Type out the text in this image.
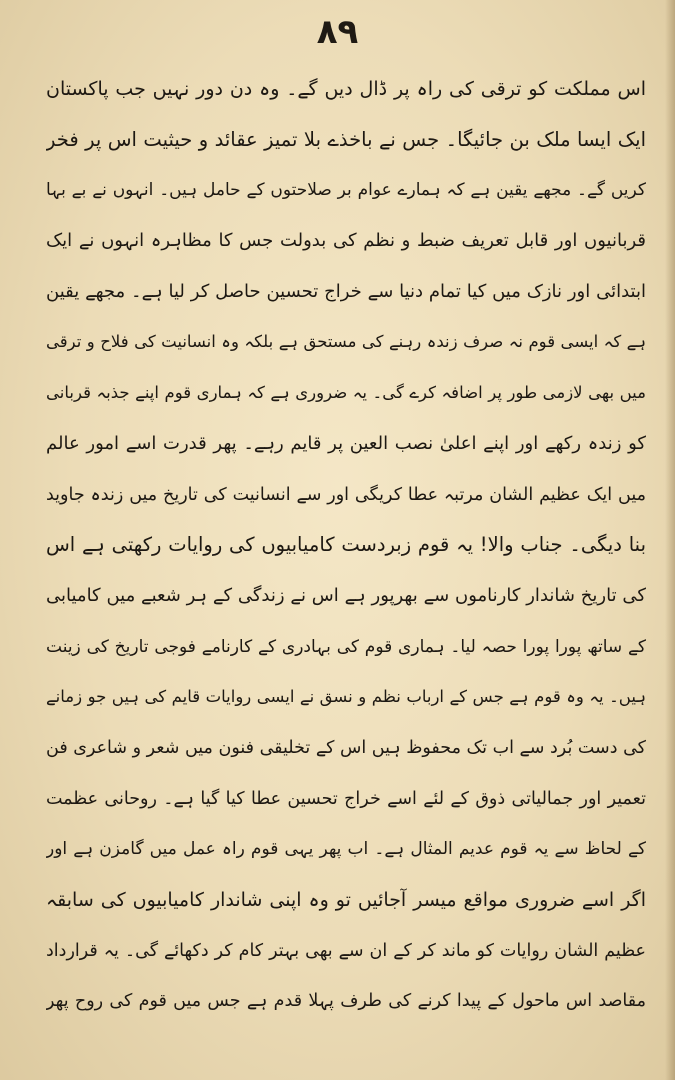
۸۹
اس مملکت کو ترقی کی راہ پر ڈال دیں گے۔ وہ دن دور نہیں جب پاکستان
ایک ایسا ملک بن جائیگا۔ جس نے باخذے بلا تمیز عقائد و حیثیت اس پر فخر
کریں گے۔ مجھے یقین ہے کہ ہمارے عوام بر صلاحتوں کے حامل ہیں۔ انہوں نے بے بہا
قربانیوں اور قابل تعریف ضبط و نظم کی بدولت جس کا مظاہرہ انہوں نے ایک
ابتدائی اور نازک میں کیا تمام دنیا سے خراج تحسین حاصل کر لیا ہے۔ مجھے یقین
ہے کہ ایسی قوم نہ صرف زندہ رہنے کی مستحق ہے بلکہ وہ انسانیت کی فلاح و ترقی
میں بھی لازمی طور پر اضافہ کرے گی۔ یہ ضروری ہے کہ ہماری قوم اپنے جذبہ قربانی
کو زندہ رکھے اور اپنے اعلیٰ نصب العین پر قایم رہے۔ پھر قدرت اسے امور عالم
میں ایک عظیم الشان مرتبہ عطا کریگی اور سے انسانیت کی تاریخ میں زندہ جاوید
بنا دیگی۔ جناب والا! یہ قوم زبردست کامیابیوں کی روایات رکھتی ہے اس
کی تاریخ شاندار کارناموں سے بھرپور ہے اس نے زندگی کے ہر شعبے میں کامیابی
کے ساتھ پورا پورا حصہ لیا۔ ہماری قوم کی بہادری کے کارنامے فوجی تاریخ کی زینت
ہیں۔ یہ وہ قوم ہے جس کے ارباب نظم و نسق نے ایسی روایات قایم کی ہیں جو زمانے
کی دست بُرد سے اب تک محفوظ ہیں اس کے تخلیقی فنون میں شعر و شاعری فن
تعمیر اور جمالیاتی ذوق کے لئے اسے خراج تحسین عطا کیا گیا ہے۔ روحانی عظمت
کے لحاظ سے یہ قوم عدیم المثال ہے۔ اب پھر یہی قوم راہ عمل میں گامزن ہے اور
اگر اسے ضروری مواقع میسر آجائیں تو وہ اپنی شاندار کامیابیوں کی سابقہ
عظیم الشان روایات کو ماند کر کے ان سے بھی بہتر کام کر دکھائے گی۔ یہ قرارداد
مقاصد اس ماحول کے پیدا کرنے کی طرف پہلا قدم ہے جس میں قوم کی روح پھر
